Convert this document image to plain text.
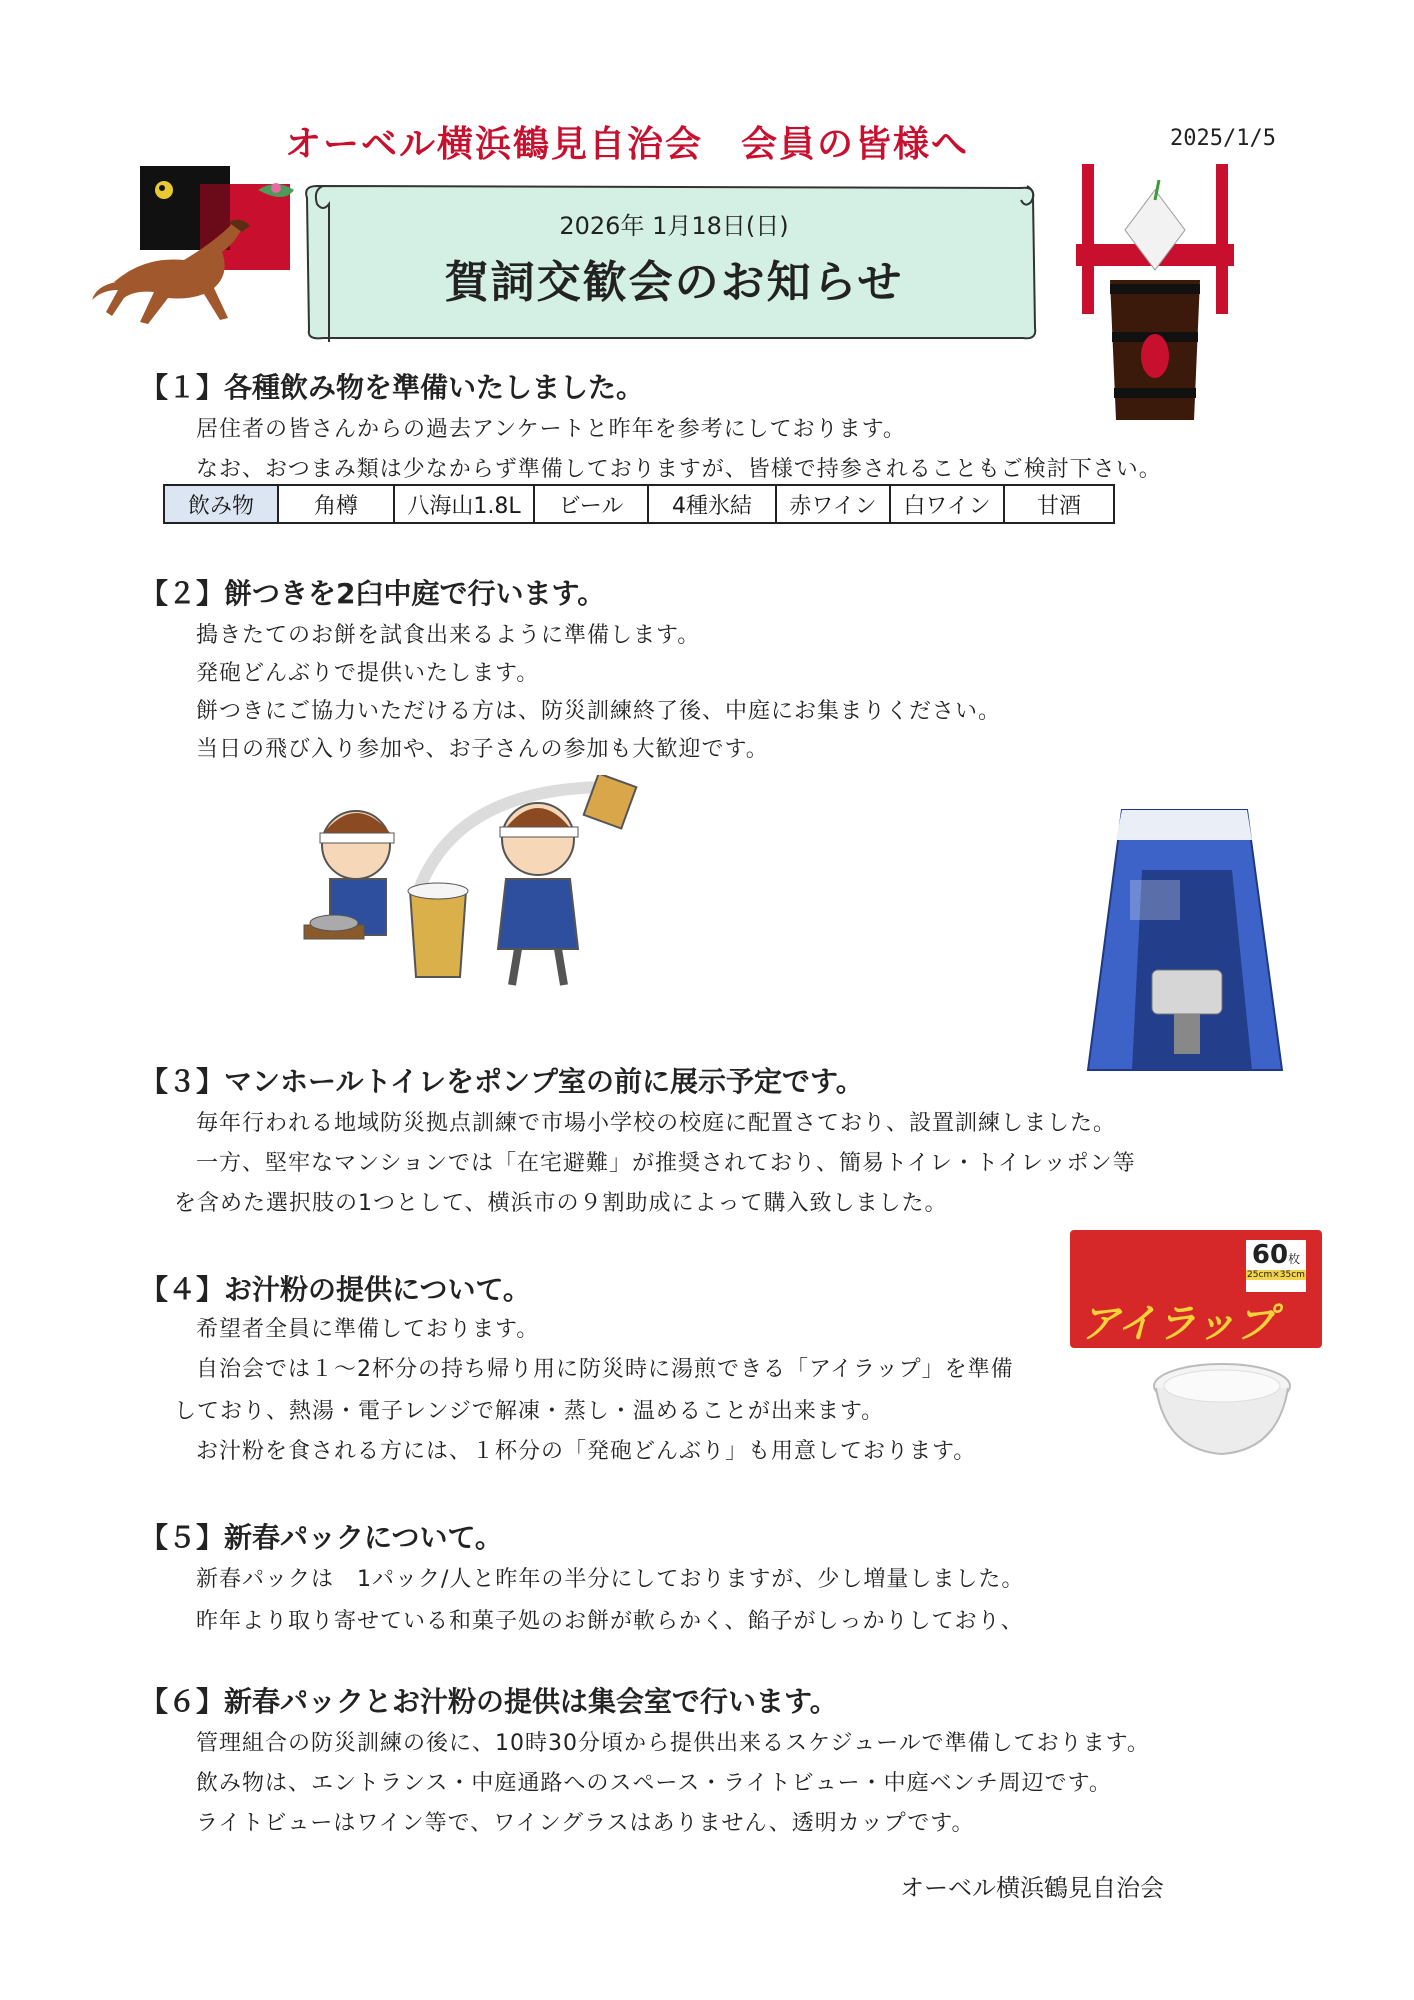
オーベル横浜鶴見自治会　会員の皆様へ	2025/1/5
2026年 1月18日(日)
賀詞交歓会のお知らせ
【１】各種飲み物を準備いたしました。
居住者の皆さんからの過去アンケートと昨年を参考にしております。
なお、おつまみ類は少なからず準備しておりますが、皆様で持参されることもご検討下さい。
飲み物	角樽	八海山1.8L	ビール	4種氷結	赤ワイン	白ワイン	甘酒
【２】餅つきを2臼中庭で行います。
搗きたてのお餅を試食出来るように準備します。
発砲どんぶりで提供いたします。
餅つきにご協力いただける方は、防災訓練終了後、中庭にお集まりください。
当日の飛び入り参加や、お子さんの参加も大歓迎です。
【３】マンホールトイレをポンプ室の前に展示予定です。
毎年行われる地域防災拠点訓練で市場小学校の校庭に配置さており、設置訓練しました。
一方、堅牢なマンションでは「在宅避難」が推奨されており、簡易トイレ・トイレッポン等
を含めた選択肢の1つとして、横浜市の９割助成によって購入致しました。
【４】お汁粉の提供について。
希望者全員に準備しております。
自治会では１～2杯分の持ち帰り用に防災時に湯煎できる「アイラップ」を準備
しており、熱湯・電子レンジで解凍・蒸し・温めることが出来ます。
お汁粉を食される方には、１杯分の「発砲どんぶり」も用意しております。
60枚
25cm×35cm
アイラップ
【５】新春パックについて。
新春パックは　1パック/人と昨年の半分にしておりますが、少し増量しました。
昨年より取り寄せている和菓子処のお餅が軟らかく、餡子がしっかりしており、
【６】新春パックとお汁粉の提供は集会室で行います。
管理組合の防災訓練の後に、10時30分頃から提供出来るスケジュールで準備しております。
飲み物は、エントランス・中庭通路へのスペース・ライトビュー・中庭ベンチ周辺です。
ライトビューはワイン等で、ワイングラスはありません、透明カップです。
オーベル横浜鶴見自治会
